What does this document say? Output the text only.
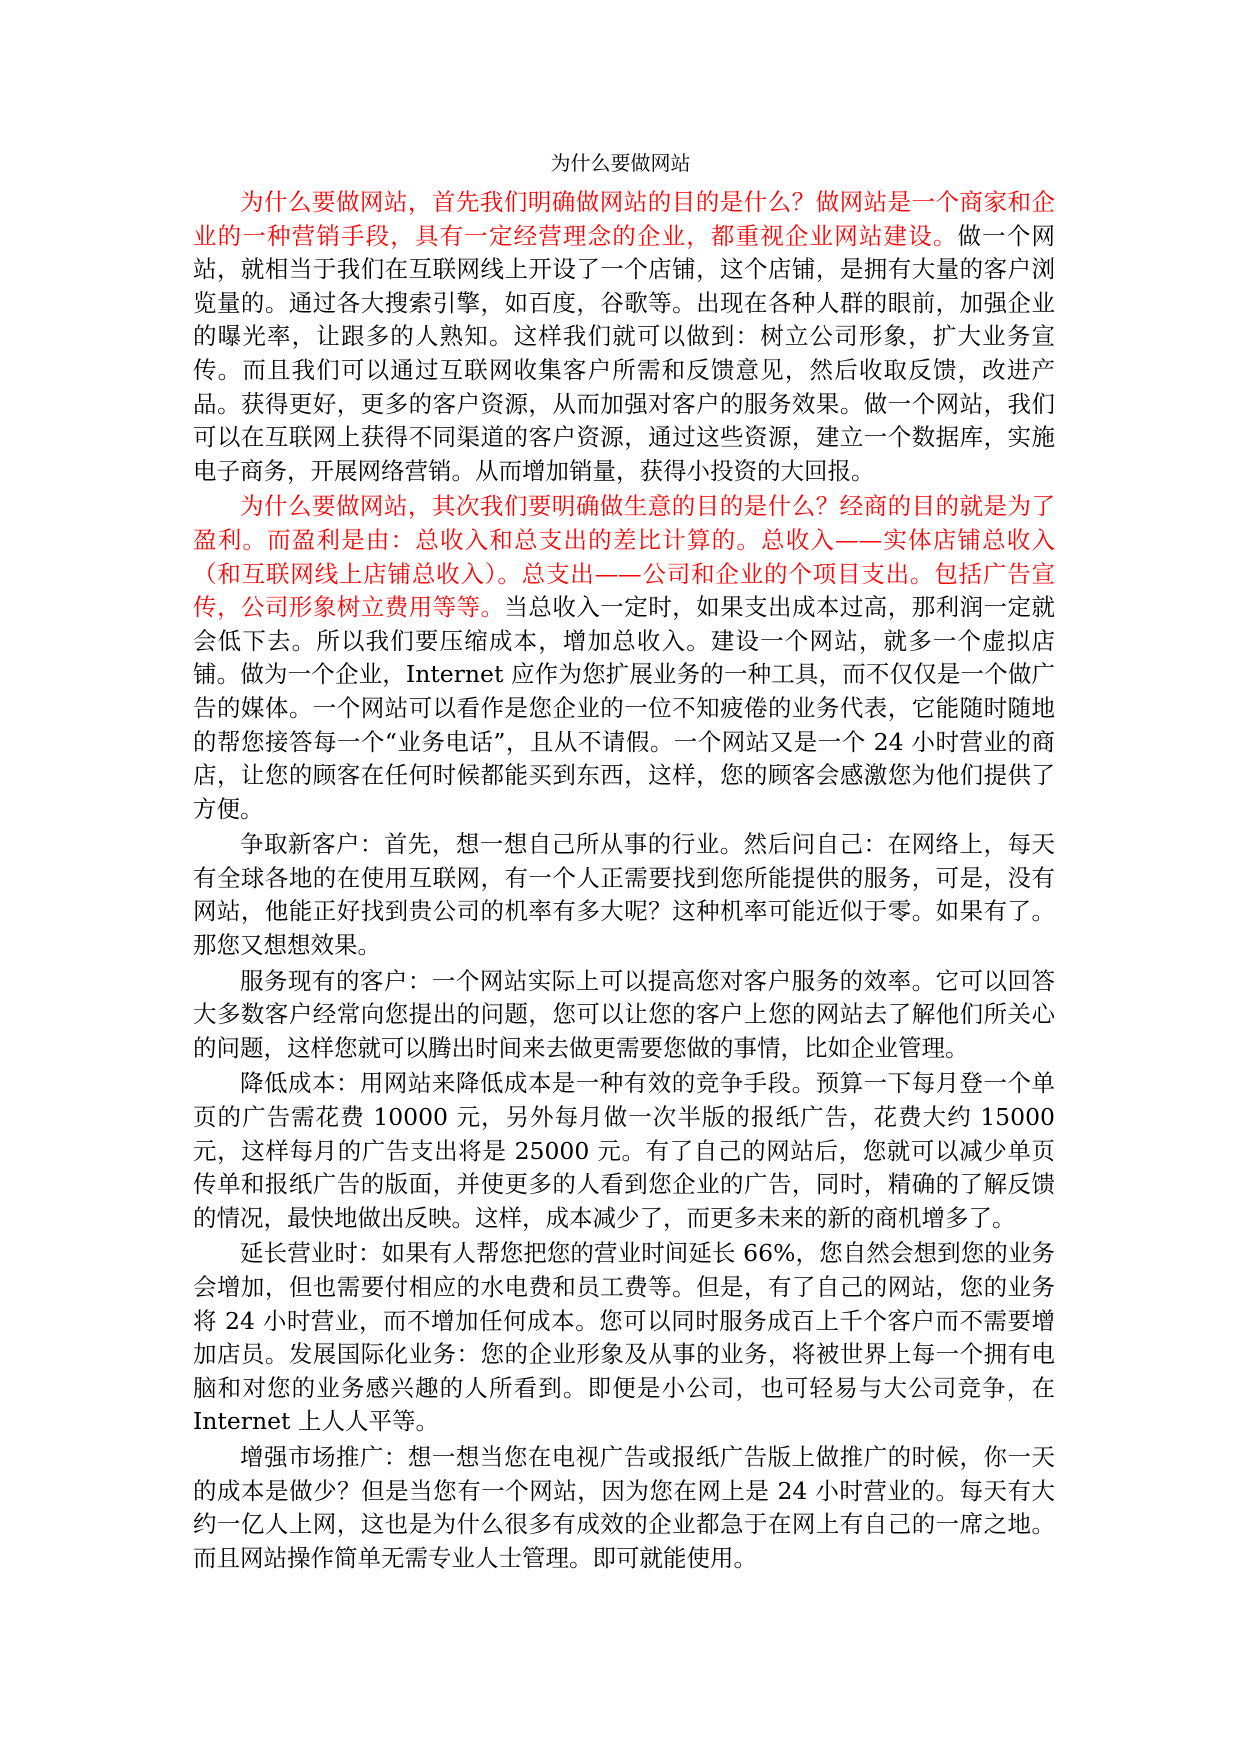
为什么要做网站

为什么要做网站，首先我们明确做网站的目的是什么？做网站是一个商家和企业的一种营销手段，具有一定经营理念的企业，都重视企业网站建设。做一个网站，就相当于我们在互联网线上开设了一个店铺，这个店铺，是拥有大量的客户浏览量的。通过各大搜索引擎，如百度，谷歌等。出现在各种人群的眼前，加强企业的曝光率，让跟多的人熟知。这样我们就可以做到：树立公司形象，扩大业务宣传。而且我们可以通过互联网收集客户所需和反馈意见，然后收取反馈，改进产品。获得更好，更多的客户资源，从而加强对客户的服务效果。做一个网站，我们可以在互联网上获得不同渠道的客户资源，通过这些资源，建立一个数据库，实施电子商务，开展网络营销。从而增加销量，获得小投资的大回报。

为什么要做网站，其次我们要明确做生意的目的是什么？经商的目的就是为了盈利。而盈利是由：总收入和总支出的差比计算的。总收入——实体店铺总收入（和互联网线上店铺总收入）。总支出——公司和企业的个项目支出。包括广告宣传，公司形象树立费用等等。当总收入一定时，如果支出成本过高，那利润一定就会低下去。所以我们要压缩成本，增加总收入。建设一个网站，就多一个虚拟店铺。做为一个企业，Internet 应作为您扩展业务的一种工具，而不仅仅是一个做广告的媒体。一个网站可以看作是您企业的一位不知疲倦的业务代表，它能随时随地的帮您接答每一个“业务电话”，且从不请假。一个网站又是一个 24 小时营业的商店，让您的顾客在任何时候都能买到东西，这样，您的顾客会感激您为他们提供了方便。

争取新客户：首先，想一想自己所从事的行业。然后问自己：在网络上，每天有全球各地的在使用互联网，有一个人正需要找到您所能提供的服务，可是，没有网站，他能正好找到贵公司的机率有多大呢？这种机率可能近似于零。如果有了。那您又想想效果。

服务现有的客户：一个网站实际上可以提高您对客户服务的效率。它可以回答大多数客户经常向您提出的问题，您可以让您的客户上您的网站去了解他们所关心的问题，这样您就可以腾出时间来去做更需要您做的事情，比如企业管理。

降低成本：用网站来降低成本是一种有效的竞争手段。预算一下每月登一个单页的广告需花费 10000 元，另外每月做一次半版的报纸广告，花费大约 15000 元，这样每月的广告支出将是 25000 元。有了自己的网站后，您就可以减少单页传单和报纸广告的版面，并使更多的人看到您企业的广告，同时，精确的了解反馈的情况，最快地做出反映。这样，成本减少了，而更多未来的新的商机增多了。

延长营业时：如果有人帮您把您的营业时间延长 66%，您自然会想到您的业务会增加，但也需要付相应的水电费和员工费等。但是，有了自己的网站，您的业务将 24 小时营业，而不增加任何成本。您可以同时服务成百上千个客户而不需要增加店员。发展国际化业务：您的企业形象及从事的业务，将被世界上每一个拥有电脑和对您的业务感兴趣的人所看到。即便是小公司，也可轻易与大公司竞争，在 Internet 上人人平等。

增强市场推广：想一想当您在电视广告或报纸广告版上做推广的时候，你一天的成本是做少？但是当您有一个网站，因为您在网上是 24 小时营业的。每天有大约一亿人上网，这也是为什么很多有成效的企业都急于在网上有自己的一席之地。而且网站操作简单无需专业人士管理。即可就能使用。
